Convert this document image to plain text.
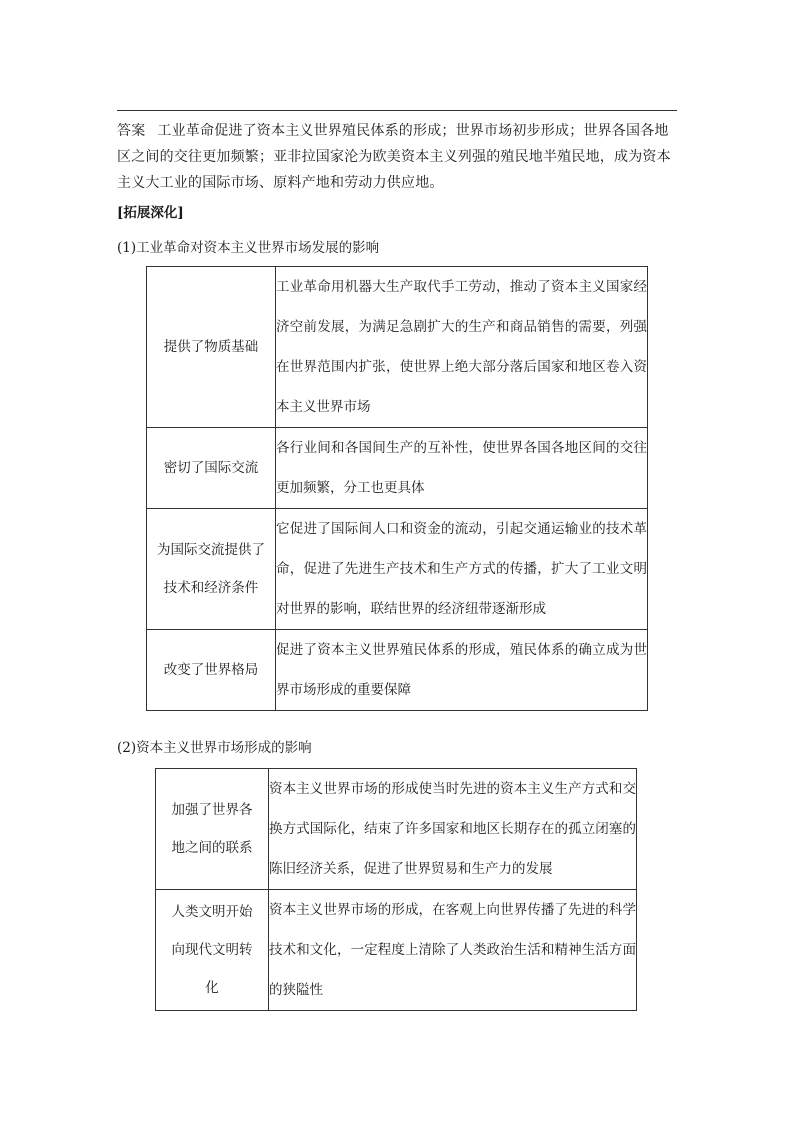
答案 工业革命促进了资本主义世界殖民体系的形成；世界市场初步形成；世界各国各地区之间的交往更加频繁；亚非拉国家沦为欧美资本主义列强的殖民地半殖民地，成为资本主义大工业的国际市场、原料产地和劳动力供应地。
[拓展深化]
(1)工业革命对资本主义世界市场发展的影响
提供了物质基础	工业革命用机器大生产取代手工劳动，推动了资本主义国家经济空前发展，为满足急剧扩大的生产和商品销售的需要，列强在世界范围内扩张，使世界上绝大部分落后国家和地区卷入资本主义世界市场
密切了国际交流	各行业间和各国间生产的互补性，使世界各国各地区间的交往更加频繁，分工也更具体
为国际交流提供了技术和经济条件	它促进了国际间人口和资金的流动，引起交通运输业的技术革命，促进了先进生产技术和生产方式的传播，扩大了工业文明对世界的影响，联结世界的经济纽带逐渐形成
改变了世界格局	促进了资本主义世界殖民体系的形成，殖民体系的确立成为世界市场形成的重要保障
(2)资本主义世界市场形成的影响
加强了世界各地之间的联系	资本主义世界市场的形成使当时先进的资本主义生产方式和交换方式国际化，结束了许多国家和地区长期存在的孤立闭塞的陈旧经济关系，促进了世界贸易和生产力的发展
人类文明开始向现代文明转化	资本主义世界市场的形成，在客观上向世界传播了先进的科学技术和文化，一定程度上清除了人类政治生活和精神生活方面的狭隘性
